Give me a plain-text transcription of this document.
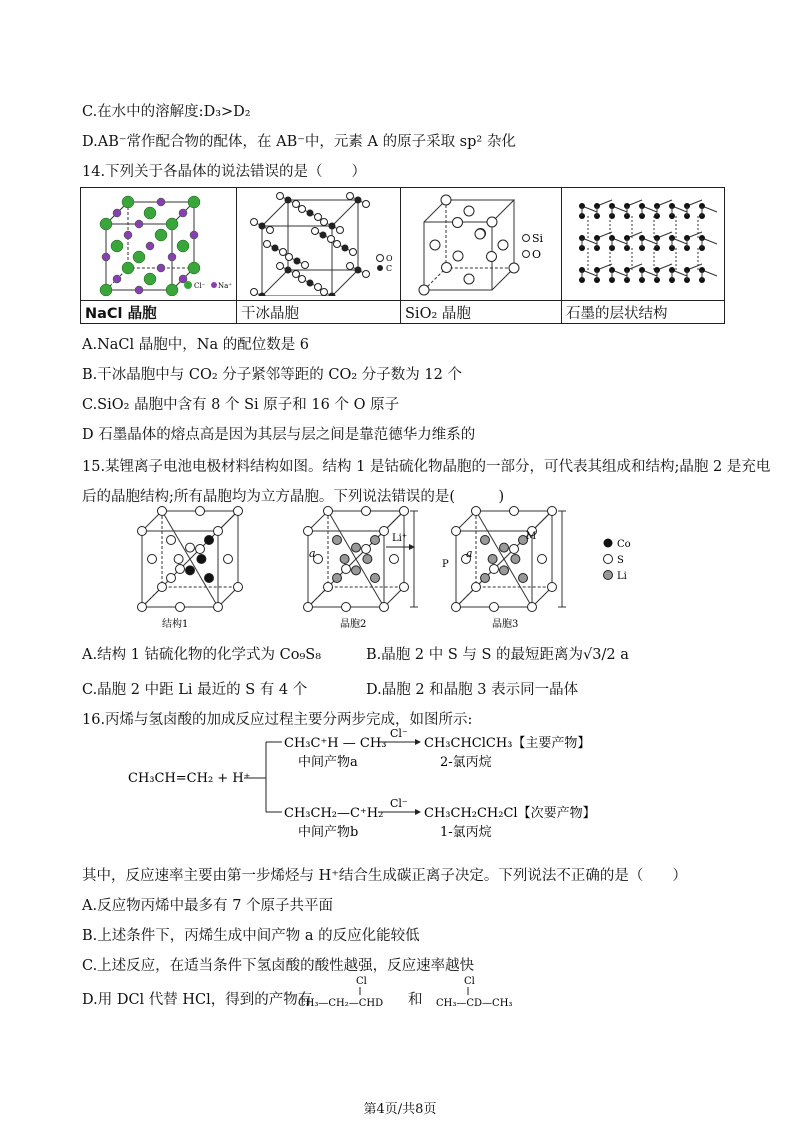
C.在水中的溶解度:D₃>D₂
D.AB⁻常作配合物的配体，在 AB⁻中，元素 A 的原子采取 sp² 杂化
14.下列关于各晶体的说法错误的是（　　）
Cl⁻ Na⁺	O
C	Si
O

NaCl 晶胞	干冰晶胞	SiO₂ 晶胞	石墨的层状结构
A.NaCl 晶胞中，Na 的配位数是 6
B.干冰晶胞中与 CO₂ 分子紧邻等距的 CO₂ 分子数为 12 个
C.SiO₂ 晶胞中含有 8 个 Si 原子和 16 个 O 原子
D 石墨晶体的熔点高是因为其层与层之间是靠范德华力维系的
15.某锂离子电池电极材料结构如图。结构 1 是钴硫化物晶胞的一部分，可代表其组成和结构;晶胞 2 是充电
后的晶胞结构;所有晶胞均为立方晶胞。下列说法错误的是(　　　)
Li⁺
Co
S
Li
结构1	晶胞2	晶胞3
a	a
P
M
A.结构 1 钴硫化物的化学式为 Co₉S₈	B.晶胞 2 中 S 与 S 的最短距离为√3/2 a
C.晶胞 2 中距 Li 最近的 S 有 4 个	D.晶胞 2 和晶胞 3 表示同一晶体
16.丙烯与氢卤酸的加成反应过程主要分两步完成，如图所示:
CH₃CH=CH₂ + H⁺
CH₃C⁺H — CH₃
中间产物a
Cl⁻
CH₃CHClCH₃【主要产物】
2-氯丙烷
CH₃CH₂—C⁺H₂
中间产物b
Cl⁻
CH₃CH₂CH₂Cl【次要产物】
1-氯丙烷
其中，反应速率主要由第一步烯烃与 H⁺结合生成碳正离子决定。下列说法不正确的是（　　）
A.反应物丙烯中最多有 7 个原子共平面
B.上述条件下，丙烯生成中间产物 a 的反应化能较低
C.上述反应，在适当条件下氢卤酸的酸性越强，反应速率越快
D.用 DCl 代替 HCl，得到的产物有
Cl
CH₃—CH₂—CHD
Cl
CH₃—CD—CH₃
和
第4页/共8页
